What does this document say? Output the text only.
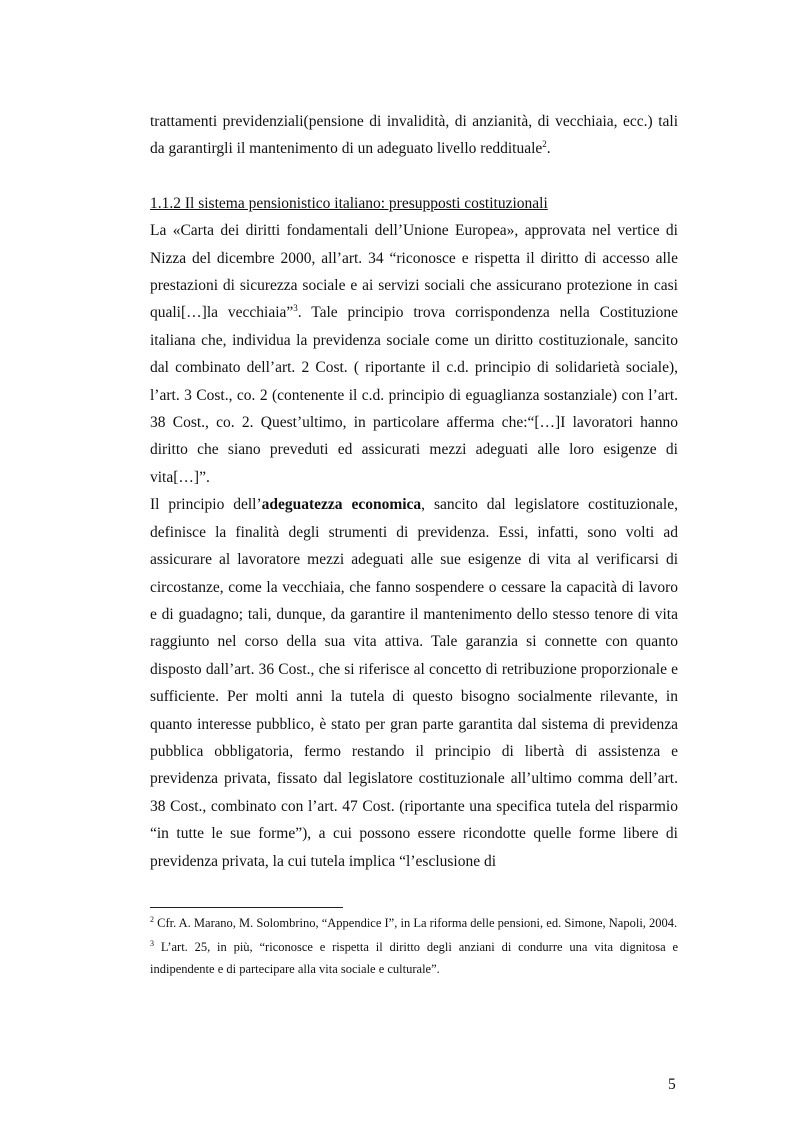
trattamenti previdenziali(pensione di invalidità, di anzianità, di vecchiaia, ecc.) tali da garantirgli il mantenimento di un adeguato livello reddituale$^2$.

1.1.2 Il sistema pensionistico italiano: presupposti costituzionali

La «Carta dei diritti fondamentali dell’Unione Europea», approvata nel vertice di Nizza del dicembre 2000, all’art. 34 “riconosce e rispetta il diritto di accesso alle prestazioni di sicurezza sociale e ai servizi sociali che assicurano protezione in casi quali[…]la vecchiaia”$^3$. Tale principio trova corrispondenza nella Costituzione italiana che, individua la previdenza sociale come un diritto costituzionale, sancito dal combinato dell’art. 2 Cost. ( riportante il c.d. principio di solidarietà sociale), l’art. 3 Cost., co. 2 (contenente il c.d. principio di eguaglianza sostanziale) con l’art. 38 Cost., co. 2. Quest’ultimo, in particolare afferma che:“[…]I lavoratori hanno diritto che siano preveduti ed assicurati mezzi adeguati alle loro esigenze di vita[…]”.

Il principio dell’adeguatezza economica, sancito dal legislatore costituzionale, definisce la finalità degli strumenti di previdenza. Essi, infatti, sono volti ad assicurare al lavoratore mezzi adeguati alle sue esigenze di vita al verificarsi di circostanze, come la vecchiaia, che fanno sospendere o cessare la capacità di lavoro e di guadagno; tali, dunque, da garantire il mantenimento dello stesso tenore di vita raggiunto nel corso della sua vita attiva. Tale garanzia si connette con quanto disposto dall’art. 36 Cost., che si riferisce al concetto di retribuzione proporzionale e sufficiente. Per molti anni la tutela di questo bisogno socialmente rilevante, in quanto interesse pubblico, è stato per gran parte garantita dal sistema di previdenza pubblica obbligatoria, fermo restando il principio di libertà di assistenza e previdenza privata, fissato dal legislatore costituzionale all’ultimo comma dell’art. 38 Cost., combinato con l’art. 47 Cost. (riportante una specifica tutela del risparmio “in tutte le sue forme”), a cui possono essere ricondotte quelle forme libere di previdenza privata, la cui tutela implica “l’esclusione di

$^2$ Cfr. A. Marano, M. Solombrino, “Appendice I”, in La riforma delle pensioni, ed. Simone, Napoli, 2004.

$^3$ L’art. 25, in più, “riconosce e rispetta il diritto degli anziani di condurre una vita dignitosa e indipendente e di partecipare alla vita sociale e culturale”.

5
